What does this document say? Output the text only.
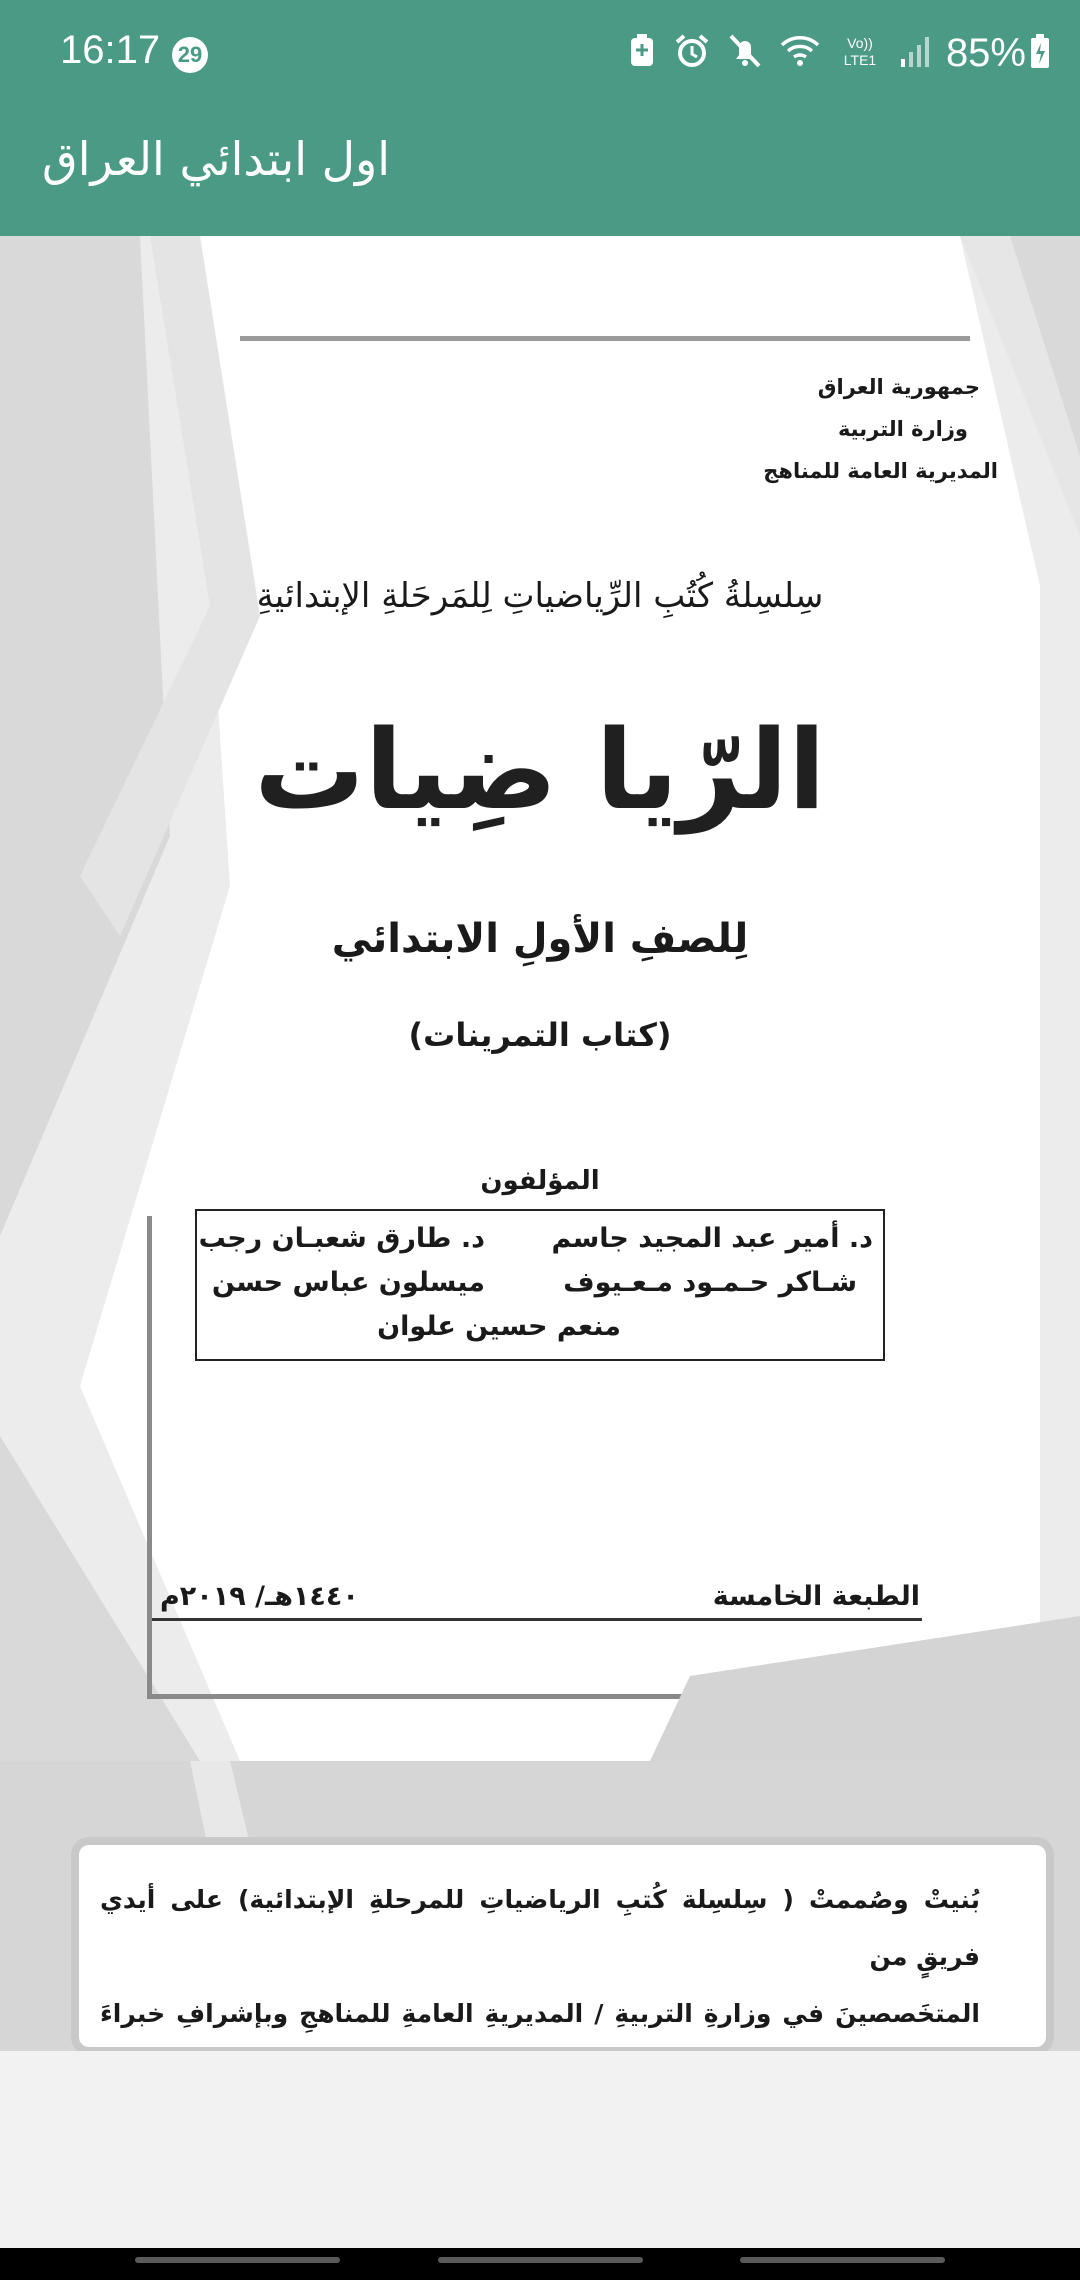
16:17 29	Vo))
LTE1 85%
اول ابتدائي العراق
جمهورية العراق
وزارة التربية
المديرية العامة للمناهج
سِلسِلةُ كُتُبِ الرِّياضياتِ لِلمَرحَلةِ الإبتدائيةِ
الرّيا ضِيات
لِلصفِ الأولِ الابتدائي
(كتاب التمرينات)
المؤلفون
د. أمير عبد المجيد جاسم
د. طارق شعبـان رجب
شـاكر حـمـود مـعـيوف
ميسلون عباس حسن
منعم حسين علوان
الطبعة الخامسة
١٤٤٠هـ/ ٢٠١٩م
بُنيتْ وصُممتْ ( سِلسِلة كُتبِ الرياضياتِ للمرحلةِ الإبتدائية) على أيدي فريقٍ من
المتخَصصينَ في وزارةِ التربيةِ / المديريةِ العامةِ للمناهجِ وبإشرافِ خبراءَ
